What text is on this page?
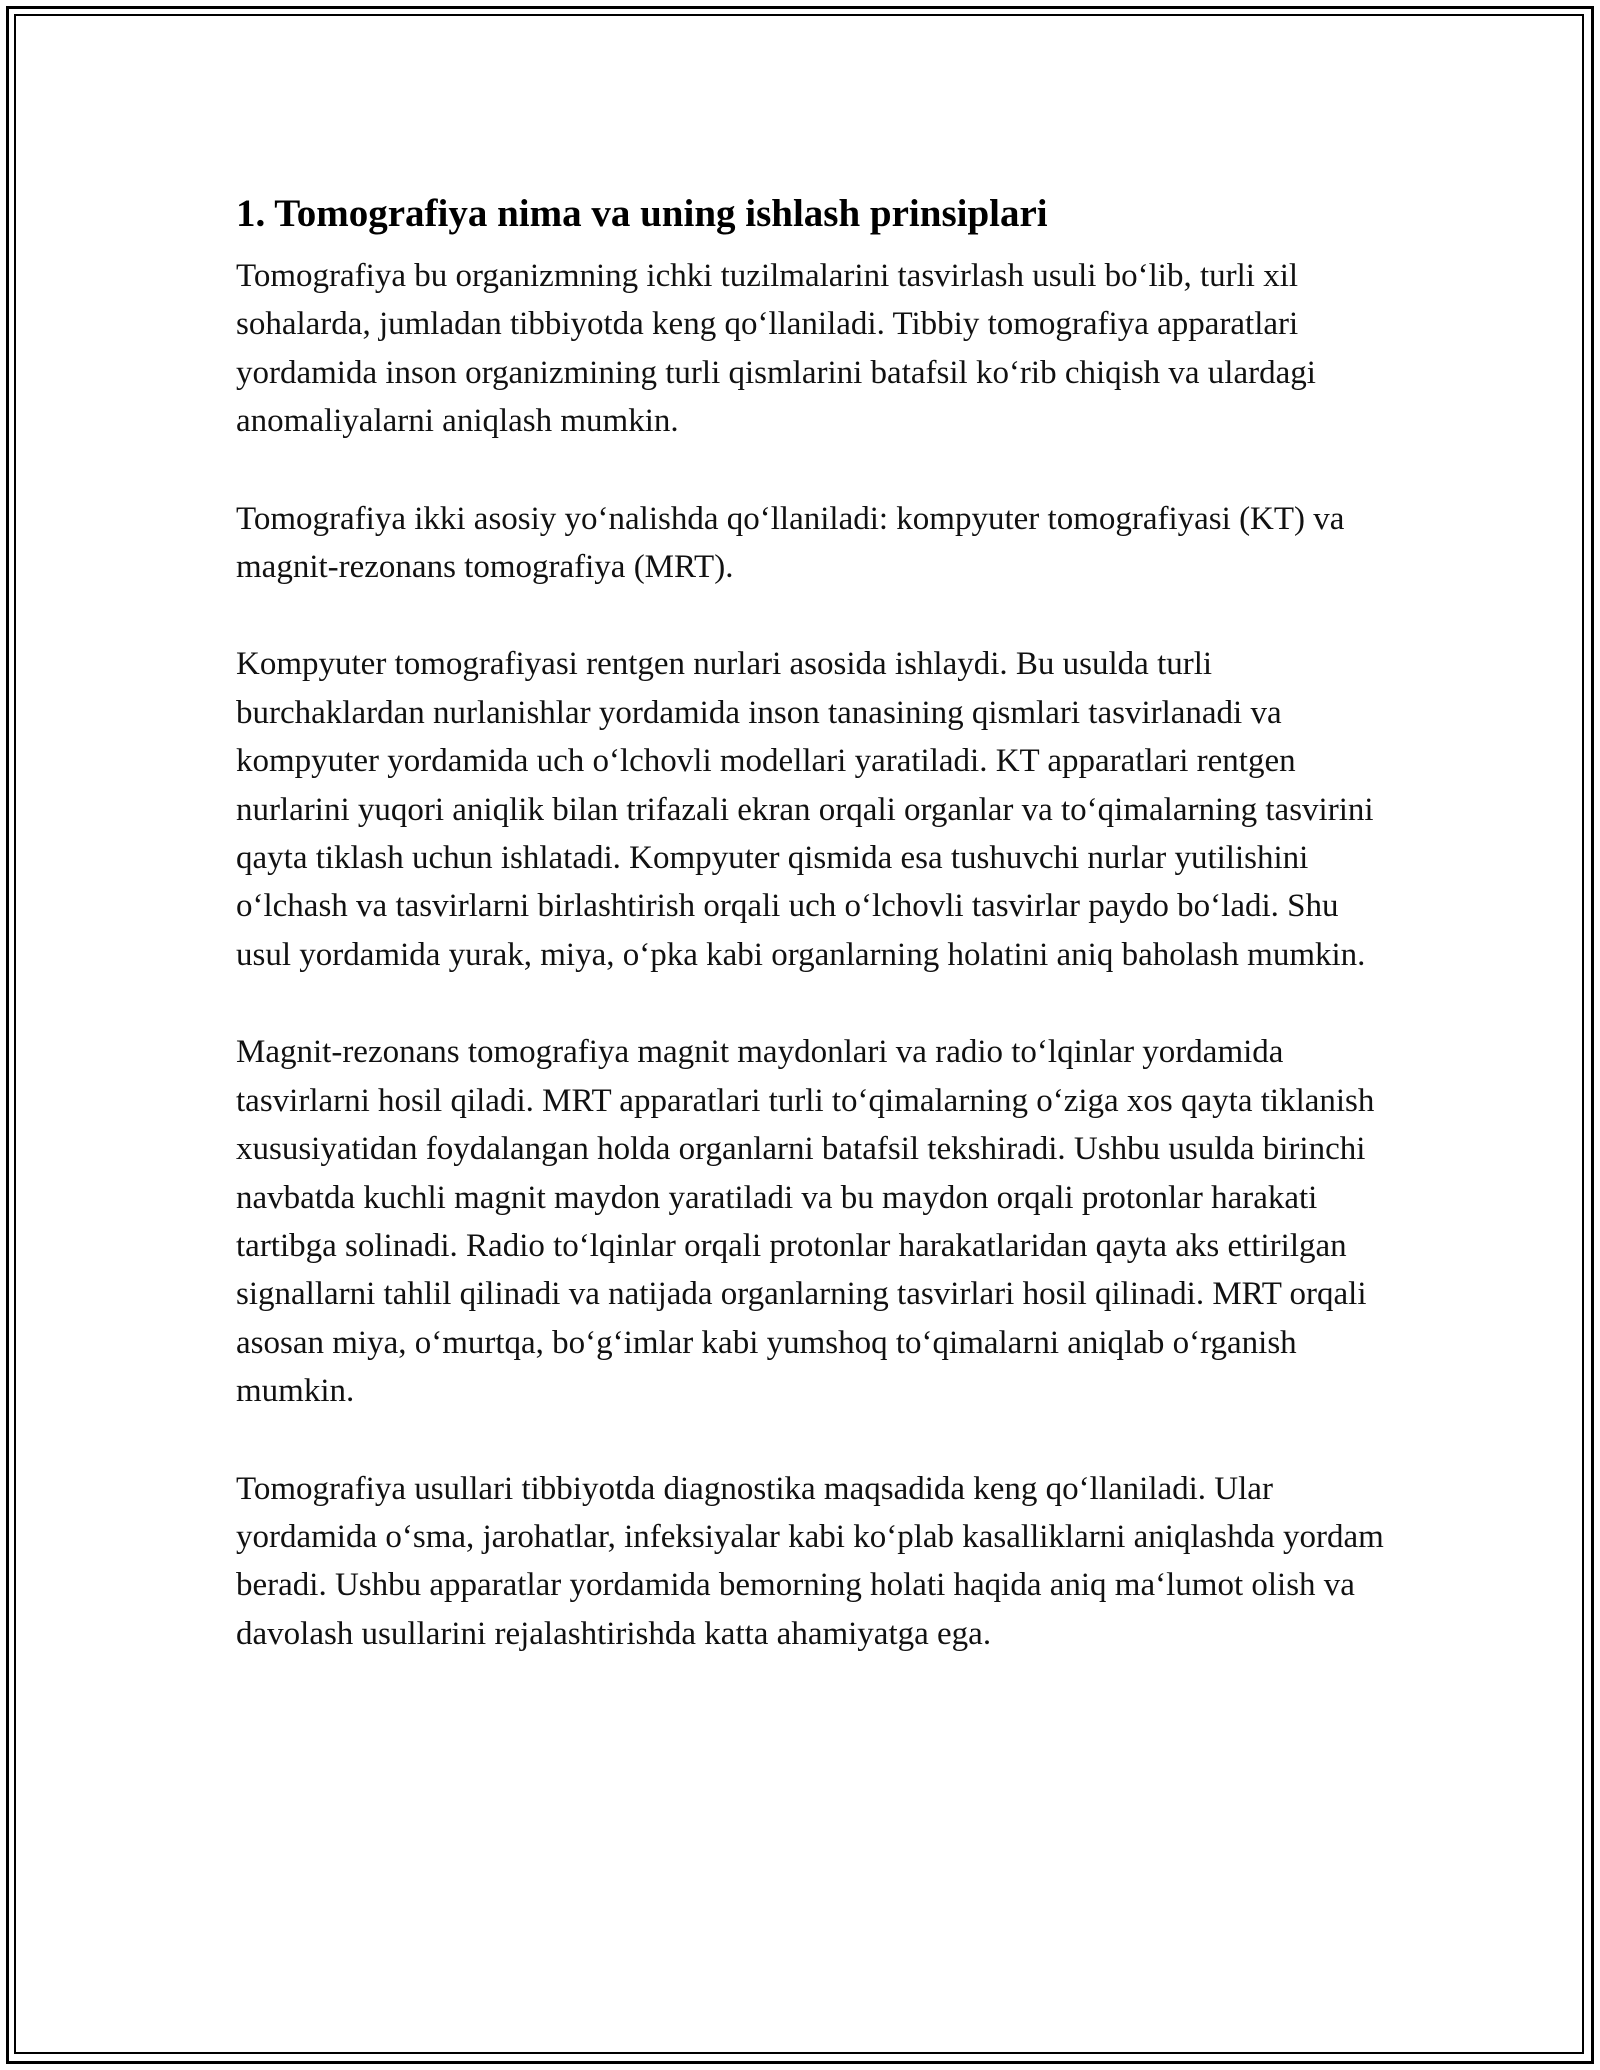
1. Tomografiya nima va uning ishlash prinsiplari

Tomografiya bu organizmning ichki tuzilmalarini tasvirlash usuli bo‘lib, turli xil sohalarda, jumladan tibbiyotda keng qo‘llaniladi. Tibbiy tomografiya apparatlari yordamida inson organizmining turli qismlarini batafsil ko‘rib chiqish va ulardagi anomaliyalarni aniqlash mumkin.

Tomografiya ikki asosiy yo‘nalishda qo‘llaniladi: kompyuter tomografiyasi (KT) va magnit-rezonans tomografiya (MRT).

Kompyuter tomografiyasi rentgen nurlari asosida ishlaydi. Bu usulda turli burchaklardan nurlanishlar yordamida inson tanasining qismlari tasvirlanadi va kompyuter yordamida uch o‘lchovli modellari yaratiladi. KT apparatlari rentgen nurlarini yuqori aniqlik bilan trifazali ekran orqali organlar va to‘qimalarning tasvirini qayta tiklash uchun ishlatadi. Kompyuter qismida esa tushuvchi nurlar yutilishini o‘lchash va tasvirlarni birlashtirish orqali uch o‘lchovli tasvirlar paydo bo‘ladi. Shu usul yordamida yurak, miya, o‘pka kabi organlarning holatini aniq baholash mumkin.

Magnit-rezonans tomografiya magnit maydonlari va radio to‘lqinlar yordamida tasvirlarni hosil qiladi. MRT apparatlari turli to‘qimalarning o‘ziga xos qayta tiklanish xususiyatidan foydalangan holda organlarni batafsil tekshiradi. Ushbu usulda birinchi navbatda kuchli magnit maydon yaratiladi va bu maydon orqali protonlar harakati tartibga solinadi. Radio to‘lqinlar orqali protonlar harakatlaridan qayta aks ettirilgan signallarni tahlil qilinadi va natijada organlarning tasvirlari hosil qilinadi. MRT orqali asosan miya, o‘murtqa, bo‘g‘imlar kabi yumshoq to‘qimalarni aniqlab o‘rganish mumkin.

Tomografiya usullari tibbiyotda diagnostika maqsadida keng qo‘llaniladi. Ular yordamida o‘sma, jarohatlar, infeksiyalar kabi ko‘plab kasalliklarni aniqlashda yordam beradi. Ushbu apparatlar yordamida bemorning holati haqida aniq ma‘lumot olish va davolash usullarini rejalashtirishda katta ahamiyatga ega.
